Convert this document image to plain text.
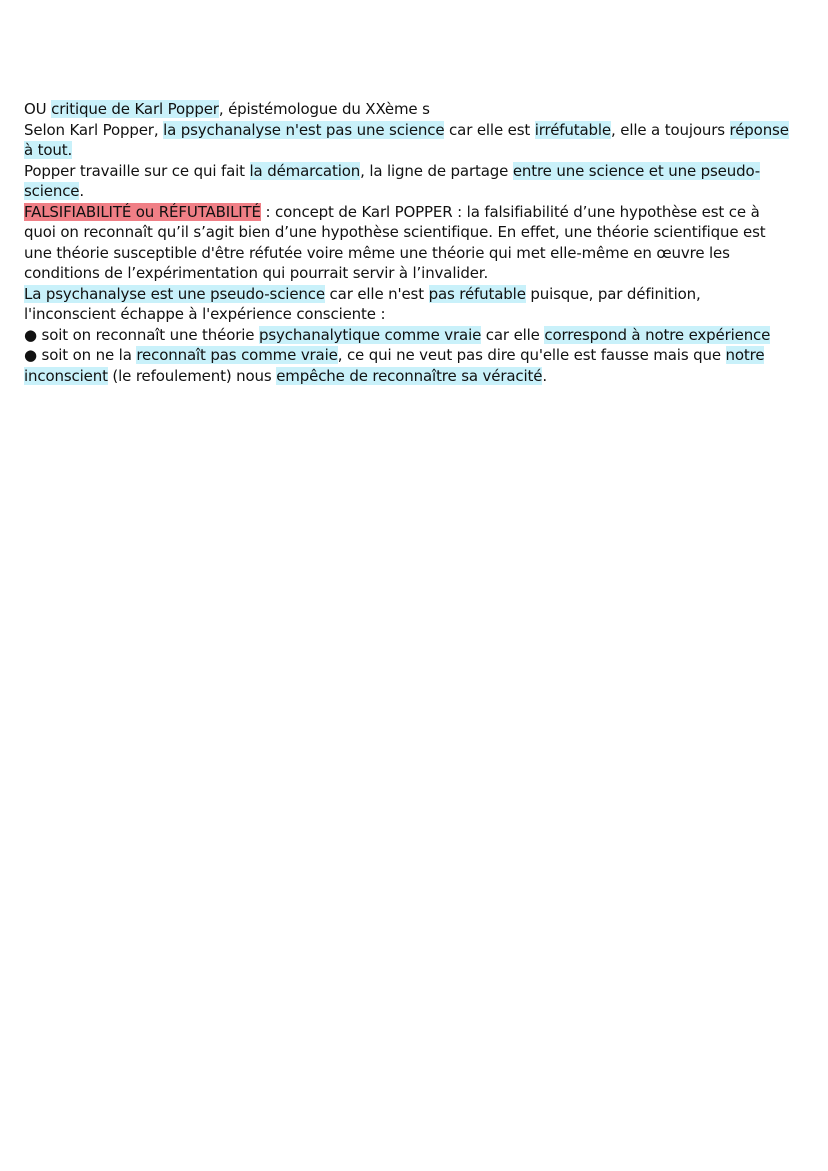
OU critique de Karl Popper, épistémologue du XXème s

Selon Karl Popper, la psychanalyse n'est pas une science car elle est irréfutable, elle a toujours réponse à tout.

Popper travaille sur ce qui fait la démarcation, la ligne de partage entre une science et une pseudo-science.

FALSIFIABILITÉ ou RÉFUTABILITÉ : concept de Karl POPPER : la falsifiabilité d’une hypothèse est ce à quoi on reconnaît qu’il s’agit bien d’une hypothèse scientifique. En effet, une théorie scientifique est une théorie susceptible d'être réfutée voire même une théorie qui met elle-même en œuvre les conditions de l’expérimentation qui pourrait servir à l’invalider.

La psychanalyse est une pseudo-science car elle n'est pas réfutable puisque, par définition, l'inconscient échappe à l'expérience consciente :

● soit on reconnaît une théorie psychanalytique comme vraie car elle correspond à notre expérience

● soit on ne la reconnaît pas comme vraie, ce qui ne veut pas dire qu'elle est fausse mais que notre inconscient (le refoulement) nous empêche de reconnaître sa véracité.
